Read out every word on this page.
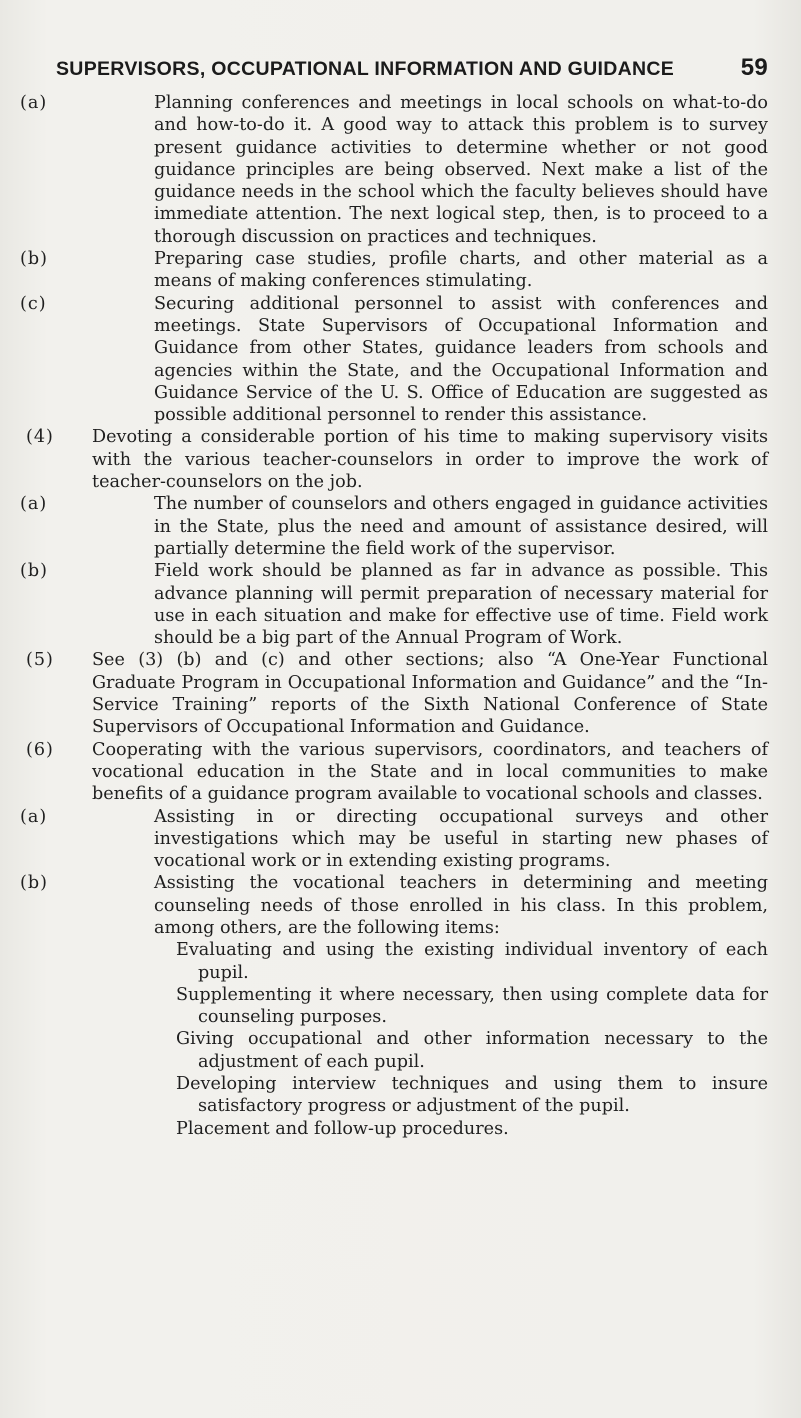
SUPERVISORS, OCCUPATIONAL INFORMATION AND GUIDANCE	59
(a)	Planning conferences and meetings in local schools on what-to-do and how-to-do it. A good way to attack this problem is to survey present guidance activities to determine whether or not good guidance principles are being observed. Next make a list of the guidance needs in the school which the faculty believes should have immediate attention. The next logical step, then, is to proceed to a thorough discussion on practices and techniques.
(b)	Preparing case studies, profile charts, and other material as a means of making conferences stimulating.
(c)	Securing additional personnel to assist with conferences and meetings. State Supervisors of Occupational Information and Guidance from other States, guidance leaders from schools and agencies within the State, and the Occupational Information and Guidance Service of the U. S. Office of Education are suggested as possible additional personnel to render this assistance.
(4) Devoting a considerable portion of his time to making supervisory visits with the various teacher-counselors in order to improve the work of teacher-counselors on the job.
(a)	The number of counselors and others engaged in guidance activities in the State, plus the need and amount of assistance desired, will partially determine the field work of the supervisor.
(b)	Field work should be planned as far in advance as possible. This advance planning will permit preparation of necessary material for use in each situation and make for effective use of time. Field work should be a big part of the Annual Program of Work.
(5) See (3) (b) and (c) and other sections; also “A One-Year Functional Graduate Program in Occupational Information and Guidance” and the “In-Service Training” reports of the Sixth National Conference of State Supervisors of Occupational Information and Guidance.
(6) Cooperating with the various supervisors, coordinators, and teachers of vocational education in the State and in local communities to make benefits of a guidance program available to vocational schools and classes.
(a)	Assisting in or directing occupational surveys and other investigations which may be useful in starting new phases of vocational work or in extending existing programs.
(b)	Assisting the vocational teachers in determining and meeting counseling needs of those enrolled in his class. In this problem, among others, are the following items:
Evaluating and using the existing individual inventory of each pupil.
Supplementing it where necessary, then using complete data for counseling purposes.
Giving occupational and other information necessary to the adjustment of each pupil.
Developing interview techniques and using them to insure satisfactory progress or adjustment of the pupil.
Placement and follow-up procedures.
